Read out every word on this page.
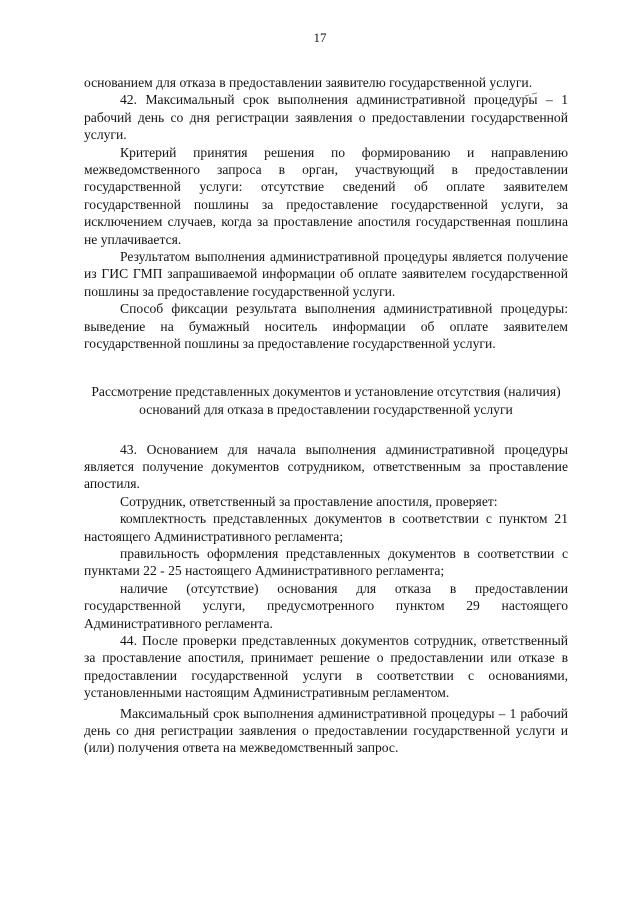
17

основанием для отказа в предоставлении заявителю государственной услуги.

42. Максимальный срок выполнения административной процедуры – 1 рабочий день со дня регистрации заявления о предоставлении государственной услуги.

Критерий принятия решения по формированию и направлению межведомственного запроса в орган, участвующий в предоставлении государственной услуги: отсутствие сведений об оплате заявителем государственной пошлины за предоставление государственной услуги, за исключением случаев, когда за проставление апостиля государственная пошлина не уплачивается.

Результатом выполнения административной процедуры является получение из ГИС ГМП запрашиваемой информации об оплате заявителем государственной пошлины за предоставление государственной услуги.

Способ фиксации результата выполнения административной процедуры: выведение на бумажный носитель информации об оплате заявителем государственной пошлины за предоставление государственной услуги.

Рассмотрение представленных документов и установление отсутствия (наличия) оснований для отказа в предоставлении государственной услуги

43. Основанием для начала выполнения административной процедуры является получение документов сотрудником, ответственным за проставление апостиля.

Сотрудник, ответственный за проставление апостиля, проверяет:

комплектность представленных документов в соответствии с пунктом 21 настоящего Административного регламента;

правильность оформления представленных документов в соответствии с пунктами 22 - 25 настоящего Административного регламента;

наличие (отсутствие) основания для отказа в предоставлении государственной услуги, предусмотренного пунктом 29 настоящего Административного регламента.

44. После проверки представленных документов сотрудник, ответственный за проставление апостиля, принимает решение о предоставлении или отказе в предоставлении государственной услуги в соответствии с основаниями, установленными настоящим Административным регламентом.

Максимальный срок выполнения административной процедуры – 1 рабочий день со дня регистрации заявления о предоставлении государственной услуги и (или) получения ответа на межведомственный запрос.
